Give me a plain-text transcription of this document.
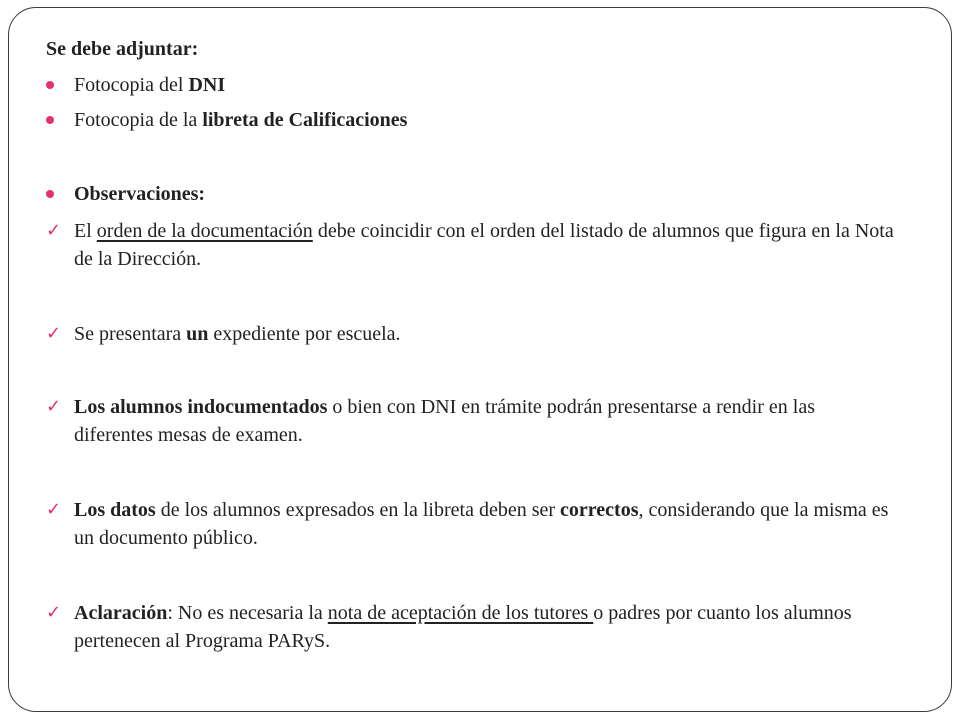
Se debe adjuntar:
Fotocopia del DNI
Fotocopia de la libreta de Calificaciones
Observaciones:
✓ El orden de la documentación debe coincidir con el orden del listado de alumnos que figura en la Nota de la Dirección.
✓ Se presentara un expediente por escuela.
✓ Los alumnos indocumentados o bien con DNI en trámite podrán presentarse a rendir en las diferentes mesas de examen.
✓ Los datos de los alumnos expresados en la libreta deben ser correctos, considerando que la misma es un documento público.
✓ Aclaración: No es necesaria la nota de aceptación de los tutores o padres por cuanto los alumnos pertenecen al Programa PARyS.
